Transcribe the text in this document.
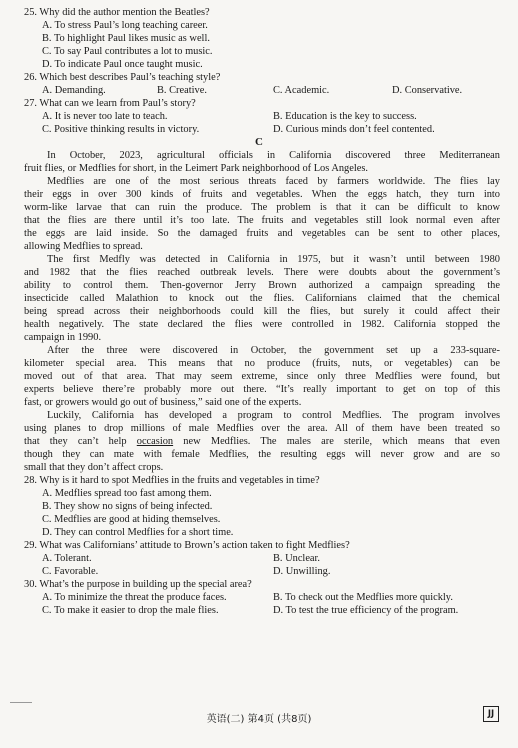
25. Why did the author mention the Beatles?
A. To stress Paul’s long teaching career.
B. To highlight Paul likes music as well.
C. To say Paul contributes a lot to music.
D. To indicate Paul once taught music.
26. Which best describes Paul’s teaching style?
A. Demanding.	B. Creative.	C. Academic.	D. Conservative.
27. What can we learn from Paul’s story?
A. It is never too late to teach.	B. Education is the key to success.
C. Positive thinking results in victory.	D. Curious minds don’t feel contented.
C
In October, 2023, agricultural officials in California discovered three Mediterranean
fruit flies, or Medflies for short, in the Leimert Park neighborhood of Los Angeles.
Medflies are one of the most serious threats faced by farmers worldwide. The flies lay
their eggs in over 300 kinds of fruits and vegetables. When the eggs hatch, they turn into
worm-like larvae that can ruin the produce. The problem is that it can be difficult to know
that the flies are there until it’s too late. The fruits and vegetables still look normal even after
the eggs are laid inside. So the damaged fruits and vegetables can be sent to other places,
allowing Medflies to spread.
The first Medfly was detected in California in 1975, but it wasn’t until between 1980
and 1982 that the flies reached outbreak levels. There were doubts about the government’s
ability to control them. Then-governor Jerry Brown authorized a campaign spreading the
insecticide called Malathion to knock out the flies. Californians claimed that the chemical
being spread across their neighborhoods could kill the flies, but surely it could affect their
health negatively. The state declared the flies were controlled in 1982. California stopped the
campaign in 1990.
After the three were discovered in October, the government set up a 233-square-
kilometer special area. This means that no produce (fruits, nuts, or vegetables) can be
moved out of that area. That may seem extreme, since only three Medflies were found, but
experts believe there’re probably more out there. “It’s really important to get on top of this
fast, or growers would go out of business,” said one of the experts.
Luckily, California has developed a program to control Medflies. The program involves
using planes to drop millions of male Medflies over the area. All of them have been treated so
that they can’t help occasion new Medflies. The males are sterile, which means that even
though they can mate with female Medflies, the resulting eggs will never grow and are so
small that they don’t affect crops.
28. Why is it hard to spot Medflies in the fruits and vegetables in time?
A. Medflies spread too fast among them.
B. They show no signs of being infected.
C. Medflies are good at hiding themselves.
D. They can control Medflies for a short time.
29. What was Californians’ attitude to Brown’s action taken to fight Medflies?
A. Tolerant.	B. Unclear.
C. Favorable.	D. Unwilling.
30. What’s the purpose in building up the special area?
A. To minimize the threat the produce faces.	B. To check out the Medflies more quickly.
C. To make it easier to drop the male flies.	D. To test the true efficiency of the program.
英语(二) 第4页 (共8页)	JJ
